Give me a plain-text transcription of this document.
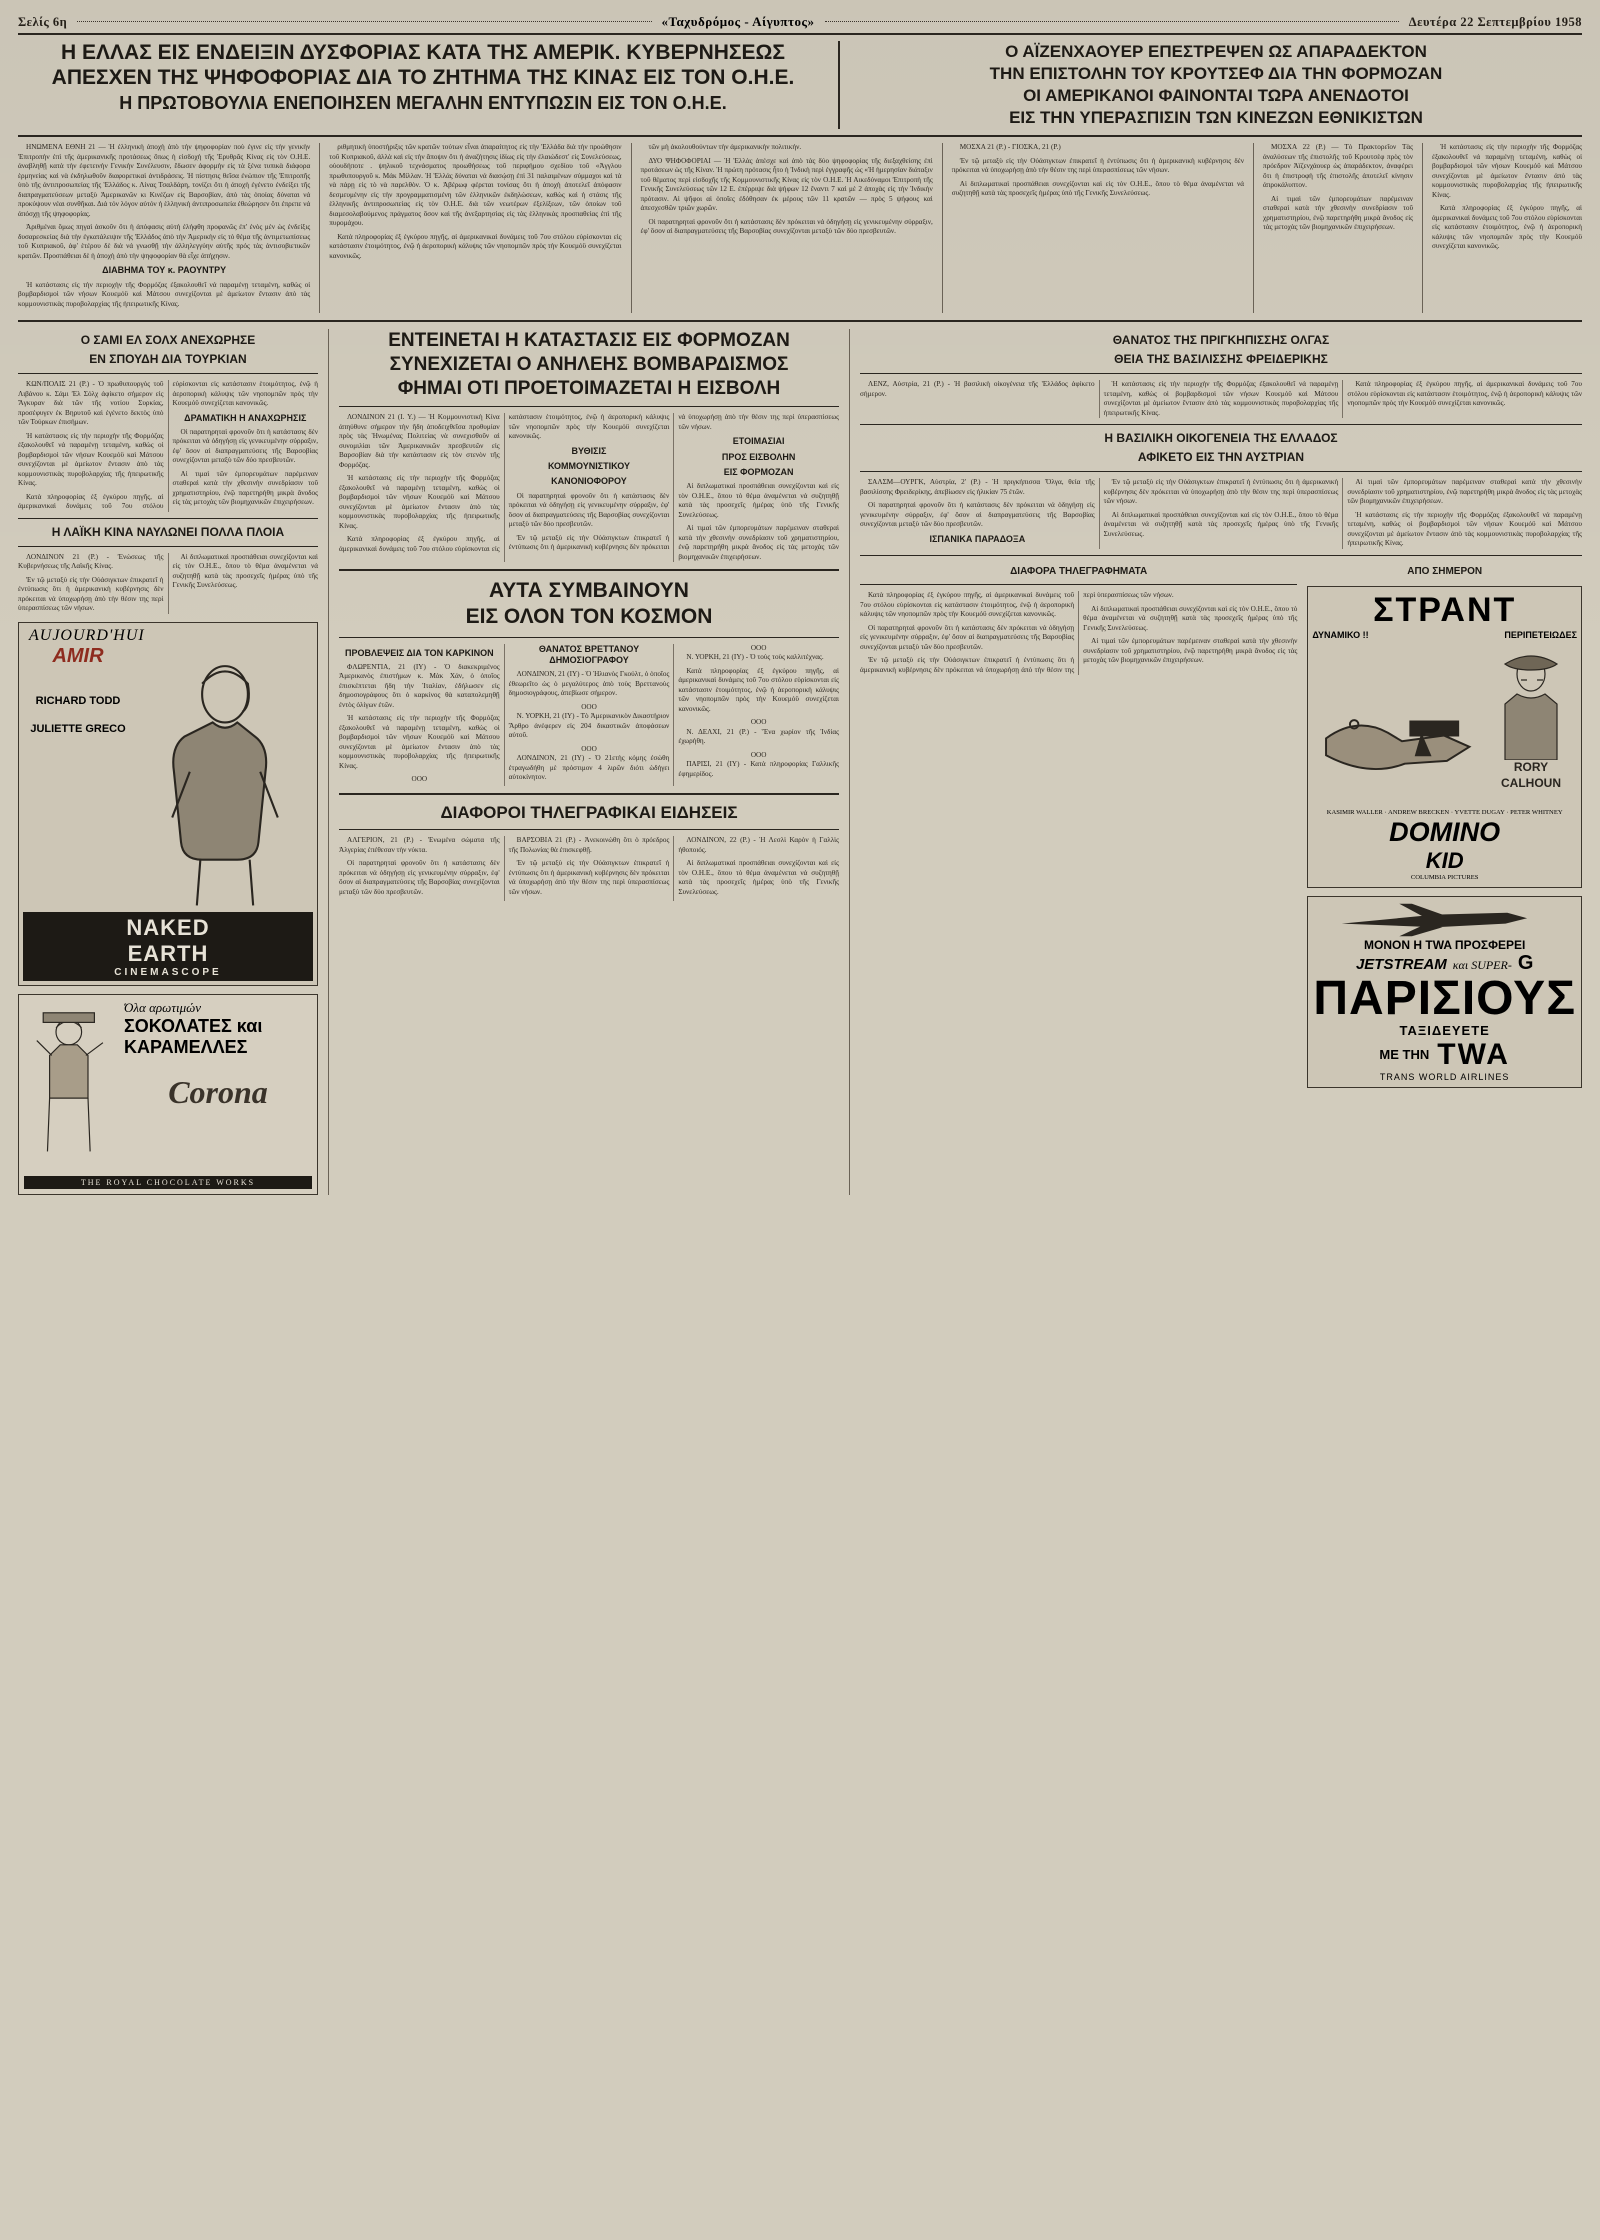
Σελίς 6η	«Ταχυδρόμος - Αίγυπτος»	Δευτέρα 22 Σεπτεμβρίου 1958
Η ΕΛΛΑΣ ΕΙΣ ΕΝΔΕΙΞΙΝ ΔΥΣΦΟΡΙΑΣ ΚΑΤΑ ΤΗΣ ΑΜΕΡΙΚ. ΚΥΒΕΡΝΗΣΕΩΣ
ΑΠΕΣΧΕΝ ΤΗΣ ΨΗΦΟΦΟΡΙΑΣ ΔΙΑ ΤΟ ΖΗΤΗΜΑ ΤΗΣ ΚΙΝΑΣ ΕΙΣ ΤΟΝ Ο.Η.Ε.
Η ΠΡΩΤΟΒΟΥΛΙΑ ΕΝΕΠΟΙΗΣΕΝ ΜΕΓΑΛΗΝ ΕΝΤΥΠΩΣΙΝ ΕΙΣ ΤΟΝ Ο.Η.Ε.
Ο ΑΪΖΕΝΧΑΟΥΕΡ ΕΠΕΣΤΡΕΨΕΝ ΩΣ ΑΠΑΡΑΔΕΚΤΟΝ
ΤΗΝ ΕΠΙΣΤΟΛΗΝ ΤΟΥ ΚΡΟΥΤΣΕΦ ΔΙΑ ΤΗΝ ΦΟΡΜΟΖΑΝ
ΟΙ ΑΜΕΡΙΚΑΝΟΙ ΦΑΙΝΟΝΤΑΙ ΤΩΡΑ ΑΝΕΝΔΟΤΟΙ
ΕΙΣ ΤΗΝ ΥΠΕΡΑΣΠΙΣΙΝ ΤΩΝ ΚΙΝΕΖΩΝ ΕΘΝΙΚΙΣΤΩΝ

ΗΝΩΜΕΝΑ ΕΘΝΗ 21 — Ἡ ἑλληνικὴ ἀποχὴ ἀπὸ τὴν ψηφοφορίαν ποὺ ἐγινε εἰς τὴν γενικὴν Ἐπιτροπὴν ἐπὶ τῆς ἀμερικανικῆς προτάσεως ὅπως ἡ εἰσδοχὴ τῆς Ἐρυθρᾶς Κίνας εἰς τὸν Ο.Η.Ε. ἀναβληθῇ κατὰ τὴν ἐφετεινὴν Γενικὴν Συνέλευσιν, ἔδωσεν ἀφορμὴν εἰς τὰ ξένα τυπικὰ διάφορα ἑρμηνείας καὶ νὰ ἐκδηλωθοῦν διαφορετικαὶ ἀντιδράσεις. Ἡ πίστησις θεῖσα ἐνώπιον τῆς Ἐπιτροπῆς ὑπὸ τῆς ἀντιπροσωπείας τῆς Ἑλλάδος κ. Λίνας Τσαλδάρη, τονίζει ὅτι ἡ ἀποχὴ ἐγένετο ἐνδείξει τῆς διαπραγματεύσεων μεταξὺ Ἀμερικανῶν κι Κινέζων εἰς Βαρσοβίαν, ἀπὸ τὰς ὁποίας δύναται νά προκύψουν νέαι συνθῆκαι. Διά τόν λόγον αὐτόν ἡ ἑλληνικὴ ἀντιπροσωπεία ἐθεώρησεν ὅτι ἐπρεπε νά ἀπόσχῃ τῆς ψηφοφορίας.

Ἀριθμέναι ὅμως πηγαὶ ἀσκοῦν ὅτι ἡ ἀπόφασις αὐτὴ ἐλήφθη προφανῶς ἐπ' ἐνὸς μὲν ὡς ἐνδείξις δυσαρεσκείας διὰ τὴν ἐγκατάλειψιν τῆς Ἑλλάδος ἀπὸ τὴν Ἀμερικὴν εἰς τὸ θέμα τῆς ἀντιμετωπίσεως τοῦ Κυπριακοῦ, ἀφ' ἑτέρου δὲ διὰ νά γνωσθῇ τὴν ἀλληλεγγύην αὐτῆς πρός τὰς ἀντισοβιετικῶν κρατῶν. Προσπάθειαι δὲ ἡ ἀποχὴ ἀπὸ τὴν ψηφοφορίαν θὰ εἶχε ἀπήχησιν.

ΔΙΑΒΗΜΑ ΤΟΥ κ. ΡΑΟΥΝΤΡΥ

Ἡ κατάστασις εἰς τὴν περιοχὴν τῆς Φορμόζας ἐξακολουθεῖ νά παραμένῃ τεταμένη, καθὼς οἱ βομβαρδισμοὶ τῶν νήσων Κουεμόϋ καὶ Μάτσου συνεχίζονται μὲ ἀμείωτον ἔντασιν ἀπὸ τὰς κομμουνιστικὰς πυροβολαρχίας τῆς ἠπειρωτικῆς Κίνας.

ριθμητικὴ ὑποστήριξις τῶν κρατῶν τούτων εἶναι ἀπαραίτητος εἰς τὴν Ἑλλάδα διὰ τὴν προώθησιν τοῦ Κυπριακοῦ, ἀλλὰ καὶ εἰς τὴν ἄποψιν ὅτι ἡ ἀναζήτησις ἰδίως εἰς τὴν ἐλαιώδεστ' εἰς Συνελεύσεως, οὐουδήποτε . ψηλικοῦ τεχνάσματος προωθήσεως τοῦ περιφήμου σχεδίου τοῦ «Ἀγγλου πρωθυπουργοῦ κ. Μάκ Μίλλαν. Ἡ Ἑλλάς δύναται νά διασῴσῃ ἐπὶ 31 παλαιμένων σύμμαχοι καὶ τὰ νὰ πάρῃ εἰς τὸ νὰ παρελθὸν. Ὁ κ. Ἀβέρωφ φέρεται τονίσας ὅτι ἡ ἀποχὴ ἀποτελεῖ ἀπόφασιν δεσμευμένην εἰς τὴν προγραμματισμένη τῶν ἑλληνικῶν ἐκδηλώσεων, καθὼς καὶ ἡ στάσις τῆς ἑλληνικῆς ἀντιπροσωπείας εἰς τὸν Ο.Η.Ε. διὰ τῶν νεωτέρων ἐξελίξεων, τῶν ὁποίων τοῦ διαμεσολαβούμενος πράγματος ὅσον καὶ τῆς ἀνεξαρτησίας εἰς τὰς ἑλληνικὰς προσπαθείας ἐπὶ τῆς πυρομάχου.

Κατὰ πληροφορίας ἐξ ἐγκύρου πηγῆς, αἱ ἀμερικανικαὶ δυνάμεις τοῦ 7ου στόλου εὑρίσκονται εἰς κατάστασιν ἑτοιμότητος, ἐνῷ ἡ ἀεροπορικὴ κάλυψις τῶν νηοπομπῶν πρὸς τὴν Κουεμόϋ συνεχίζεται κανονικῶς.

τῶν μὴ ἀκολουθούντων τὴν ἀμερικανικὴν πολιτικήν.

ΔΥΟ ΨΗΦΟΦΟΡΙΑΙ — Ἡ Ἑλλὰς ἀπέσχε καὶ ἀπὸ τὰς δύο ψηφοφορίας τῆς διεξαχθείσης ἐπὶ προτάσεων ὡς τῆς Κίναν. Ἡ πρώτη πρότασις ἦτο ἡ Ἰνδικὴ περὶ ἐγγραφῆς ὡς «Ἡ ἡμερησίαν διάταξιν τοῦ θέματος περὶ εἰσδοχῆς τῆς Κομμουνιστικῆς Κίνας εἰς τὸν Ο.Η.Ε. Ἡ Αικεδύναμοι Ἐπιτροπὴ τῆς Γενικῆς Συνελεύσεως τῶν 12 Ε. ἐπέρριψε διὰ ψήφων 12 ἔναντι 7 καὶ μὲ 2 ἀποχὰς εἰς τὴν Ἰνδικὴν πρότασιν. Αἱ ψῆφοι αἱ ὁποῖες ἐδόθησαν ἐκ μέρους τῶν 11 κρατῶν — πρὸς 5 ψήφους καὶ ἀπεσχεσθῶν τριῶν χωρῶν.

Οἱ παρατηρηταὶ φρονοῦν ὅτι ἡ κατάστασις δὲν πρόκειται νά ὁδηγήσῃ εἰς γενικευμένην σύρραξιν, ἐφ' ὅσον αἱ διαπραγματεύσεις τῆς Βαρσοβίας συνεχίζονται μεταξὺ τῶν δύο πρεσβευτῶν.

ΜΟΣΧΑ 21 (Ρ.) - ΓΙΟΣΚΑ, 21 (Ρ.)

Ἐν τῷ μεταξὺ εἰς τὴν Οὐάσιγκτων ἐπικρατεῖ ἡ ἐντύπωσις ὅτι ἡ ἀμερικανικὴ κυβέρνησις δὲν πρόκειται νά ὑποχωρήσῃ ἀπὸ τὴν θέσιν της περὶ ὑπερασπίσεως τῶν νήσων.

Αἱ διπλωματικαὶ προσπάθειαι συνεχίζονται καὶ εἰς τὸν Ο.Η.Ε., ὅπου τὸ θέμα ἀναμένεται νά συζητηθῇ κατὰ τὰς προσεχεῖς ἡμέρας ὑπὸ τῆς Γενικῆς Συνελεύσεως.

ΜΟΣΧΑ 22 (Ρ.) — Τὸ Πρακτορεῖον Τὰς ἀναλύσεων τῆς ἐπιστολῆς τοῦ Κρουτσὲφ πρὸς τὸν πρόεδρον Ἀϊζενχάουερ ὡς ἀπαράδεκτον, ἀναφέρει ὅτι ἡ ἐπιστροφὴ τῆς ἐπιστολῆς ἀποτελεῖ κίνησιν ἀπροκάλυπτον.

Αἱ τιμαὶ τῶν ἐμπορευμάτων παρέμειναν σταθεραὶ κατὰ τὴν χθεσινὴν συνεδρίασιν τοῦ χρηματιστηρίου, ἐνῷ παρετηρήθη μικρὰ ἄνοδος εἰς τὰς μετοχὰς τῶν βιομηχανικῶν ἐπιχειρήσεων.

Ἡ κατάστασις εἰς τὴν περιοχὴν τῆς Φορμόζας ἐξακολουθεῖ νά παραμένῃ τεταμένη, καθὼς οἱ βομβαρδισμοὶ τῶν νήσων Κουεμόϋ καὶ Μάτσου συνεχίζονται μὲ ἀμείωτον ἔντασιν ἀπὸ τὰς κομμουνιστικὰς πυροβολαρχίας τῆς ἠπειρωτικῆς Κίνας.

Κατὰ πληροφορίας ἐξ ἐγκύρου πηγῆς, αἱ ἀμερικανικαὶ δυνάμεις τοῦ 7ου στόλου εὑρίσκονται εἰς κατάστασιν ἑτοιμότητος, ἐνῷ ἡ ἀεροπορικὴ κάλυψις τῶν νηοπομπῶν πρὸς τὴν Κουεμόϋ συνεχίζεται κανονικῶς.

Ο ΣΑΜΙ ΕΛ ΣΟΛΧ ΑΝΕΧΩΡΗΣΕ
ΕΝ ΣΠΟΥΔΗ ΔΙΑ ΤΟΥΡΚΙΑΝ

ΚΩΝ/ΠΟΛΙΣ 21 (Ρ.) - Ὁ πρωθυπουργὸς τοῦ Λιβάνου κ. Σάμι Ἐλ Σόλχ ἀφίκετο σήμερον εἰς Ἄγκυραν διὰ τῶν τῆς νοτίου Συρκίας, προσέφυγεν ἐκ Βηρυτοῦ καὶ ἐγένετο δεκτὸς ὑπὸ τῶν Τούρκων ἐπισήμων.

Ἡ κατάστασις εἰς τὴν περιοχὴν τῆς Φορμόζας ἐξακολουθεῖ νά παραμένῃ τεταμένη, καθὼς οἱ βομβαρδισμοὶ τῶν νήσων Κουεμόϋ καὶ Μάτσου συνεχίζονται μὲ ἀμείωτον ἔντασιν ἀπὸ τὰς κομμουνιστικὰς πυροβολαρχίας τῆς ἠπειρωτικῆς Κίνας.

Κατὰ πληροφορίας ἐξ ἐγκύρου πηγῆς, αἱ ἀμερικανικαὶ δυνάμεις τοῦ 7ου στόλου εὑρίσκονται εἰς κατάστασιν ἑτοιμότητος, ἐνῷ ἡ ἀεροπορικὴ κάλυψις τῶν νηοπομπῶν πρὸς τὴν Κουεμόϋ συνεχίζεται κανονικῶς.

ΔΡΑΜΑΤΙΚΗ Η ΑΝΑΧΩΡΗΣΙΣ

Οἱ παρατηρηταὶ φρονοῦν ὅτι ἡ κατάστασις δὲν πρόκειται νά ὁδηγήσῃ εἰς γενικευμένην σύρραξιν, ἐφ' ὅσον αἱ διαπραγματεύσεις τῆς Βαρσοβίας συνεχίζονται μεταξὺ τῶν δύο πρεσβευτῶν.

Αἱ τιμαὶ τῶν ἐμπορευμάτων παρέμειναν σταθεραὶ κατὰ τὴν χθεσινὴν συνεδρίασιν τοῦ χρηματιστηρίου, ἐνῷ παρετηρήθη μικρὰ ἄνοδος εἰς τὰς μετοχὰς τῶν βιομηχανικῶν ἐπιχειρήσεων.

Η ΛΑΪΚΗ ΚΙΝΑ ΝΑΥΛΩΝΕΙ ΠΟΛΛΑ ΠΛΟΙΑ

ΛΟΝΔΙΝΟΝ 21 (Ρ.) - Ἐνώσεως τῆς Κυβερνήσεως τῆς Λαϊκῆς Κίνας.

Ἐν τῷ μεταξὺ εἰς τὴν Οὐάσιγκτων ἐπικρατεῖ ἡ ἐντύπωσις ὅτι ἡ ἀμερικανικὴ κυβέρνησις δὲν πρόκειται νά ὑποχωρήσῃ ἀπὸ τὴν θέσιν της περὶ ὑπερασπίσεως τῶν νήσων.

Αἱ διπλωματικαὶ προσπάθειαι συνεχίζονται καὶ εἰς τὸν Ο.Η.Ε., ὅπου τὸ θέμα ἀναμένεται νά συζητηθῇ κατὰ τὰς προσεχεῖς ἡμέρας ὑπὸ τῆς Γενικῆς Συνελεύσεως.

AUJOURD'HUI
AMIR
RICHARD TODD
JULIETTE GRECO
NAKED
EARTH
CINEMASCOPE
Όλα αρωτιμών
ΣΟΚΟΛΑΤΕΣ και
ΚΑΡΑΜΕΛΛΕΣ
Corona
THE ROYAL CHOCOLATE WORKS
ΕΝΤΕΙΝΕΤΑΙ Η ΚΑΤΑΣΤΑΣΙΣ ΕΙΣ ΦΟΡΜΟΖΑΝ
ΣΥΝΕΧΙΖΕΤΑΙ Ο ΑΝΗΛΕΗΣ ΒΟΜΒΑΡΔΙΣΜΟΣ
ΦΗΜΑΙ ΟΤΙ ΠΡΟΕΤΟΙΜΑΖΕΤΑΙ Η ΕΙΣΒΟΛΗ

ΛΟΝΔΙΝΟΝ 21 (Ι. Υ.) — Ἡ Κομμουνιστικὴ Κίνα ἀπηύθυνε σήμερον τὴν ἤδη ἀποδειχθεῖσα προθυμίαν πρὸς τὰς Ἡνωμένας Πολιτείας νὰ συνεχισθοῦν αἱ συνομιλίαι τῶν Ἀμερικανικῶν πρεσβευτῶν εἰς Βαρσοβίαν διὰ τὴν κατάστασιν εἰς τὸν στενὸν τῆς Φορμόζας.

Ἡ κατάστασις εἰς τὴν περιοχὴν τῆς Φορμόζας ἐξακολουθεῖ νά παραμένῃ τεταμένη, καθὼς οἱ βομβαρδισμοὶ τῶν νήσων Κουεμόϋ καὶ Μάτσου συνεχίζονται μὲ ἀμείωτον ἔντασιν ἀπὸ τὰς κομμουνιστικὰς πυροβολαρχίας τῆς ἠπειρωτικῆς Κίνας.

Κατὰ πληροφορίας ἐξ ἐγκύρου πηγῆς, αἱ ἀμερικανικαὶ δυνάμεις τοῦ 7ου στόλου εὑρίσκονται εἰς κατάστασιν ἑτοιμότητος, ἐνῷ ἡ ἀεροπορικὴ κάλυψις τῶν νηοπομπῶν πρὸς τὴν Κουεμόϋ συνεχίζεται κανονικῶς.

ΒΥΘΙΣΙΣ
ΚΟΜΜΟΥΝΙΣΤΙΚΟΥ
ΚΑΝΟΝΙΟΦΟΡΟΥ

Οἱ παρατηρηταὶ φρονοῦν ὅτι ἡ κατάστασις δὲν πρόκειται νά ὁδηγήσῃ εἰς γενικευμένην σύρραξιν, ἐφ' ὅσον αἱ διαπραγματεύσεις τῆς Βαρσοβίας συνεχίζονται μεταξὺ τῶν δύο πρεσβευτῶν.

Ἐν τῷ μεταξὺ εἰς τὴν Οὐάσιγκτων ἐπικρατεῖ ἡ ἐντύπωσις ὅτι ἡ ἀμερικανικὴ κυβέρνησις δὲν πρόκειται νά ὑποχωρήσῃ ἀπὸ τὴν θέσιν της περὶ ὑπερασπίσεως τῶν νήσων.

ΕΤΟΙΜΑΣΙΑΙ
ΠΡΟΣ ΕΙΣΒΟΛΗΝ
ΕΙΣ ΦΟΡΜΟΖΑΝ

Αἱ διπλωματικαὶ προσπάθειαι συνεχίζονται καὶ εἰς τὸν Ο.Η.Ε., ὅπου τὸ θέμα ἀναμένεται νά συζητηθῇ κατὰ τὰς προσεχεῖς ἡμέρας ὑπὸ τῆς Γενικῆς Συνελεύσεως.

Αἱ τιμαὶ τῶν ἐμπορευμάτων παρέμειναν σταθεραὶ κατὰ τὴν χθεσινὴν συνεδρίασιν τοῦ χρηματιστηρίου, ἐνῷ παρετηρήθη μικρὰ ἄνοδος εἰς τὰς μετοχὰς τῶν βιομηχανικῶν ἐπιχειρήσεων.

ΑΥΤΑ ΣΥΜΒΑΙΝΟΥΝ
ΕΙΣ ΟΛΟΝ ΤΟΝ ΚΟΣΜΟΝ
ΠΡΟΒΛΕΨΕΙΣ ΔΙΑ ΤΟΝ ΚΑΡΚΙΝΟΝ

ΦΛΩΡΕΝΤΙΑ, 21 (ΙΥ) - Ὁ διακεκριμένος Ἀμερικανὸς ἐπιστήμων κ. Μὰκ Χάν, ὁ ὁποῖος ἐπισκέπτεται ἤδη τὴν Ἰταλίαν, ἐδήλωσεν εἰς δημοσιογράφους ὅτι ὁ καρκίνος θὰ καταπολεμηθῇ ἐντὸς ὀλίγων ἐτῶν.

Ἡ κατάστασις εἰς τὴν περιοχὴν τῆς Φορμόζας ἐξακολουθεῖ νά παραμένῃ τεταμένη, καθὼς οἱ βομβαρδισμοὶ τῶν νήσων Κουεμόϋ καὶ Μάτσου συνεχίζονται μὲ ἀμείωτον ἔντασιν ἀπὸ τὰς κομμουνιστικὰς πυροβολαρχίας τῆς ἠπειρωτικῆς Κίνας.

ΟΟΟ
ΘΑΝΑΤΟΣ ΒΡΕΤΤΑΝΟΥ ΔΗΜΟΣΙΟΓΡΑΦΟΥ

ΛΟΝΔΙΝΟΝ, 21 (ΙΥ) - Ὁ Ἡλιανὸς Γκούλτ, ὁ ὁποῖος ἐθεωρεῖτο ὡς ὁ μεγαλύτερος ἀπὸ τοὺς Βρεττανοὺς δημοσιογράφους, ἀπεβίωσε σήμερον.

ΟΟΟ

Ν. ΥΟΡΚΗ, 21 (ΙΥ) - Τὸ Ἀμερικανικὸν Δικαστήριον Ἄρθρο ἀνέφερεν εἰς 204 δικαστικῶν ἀποφάσεων αὐτοῦ.

ΟΟΟ

ΛΟΝΔΙΝΟΝ, 21 (ΙΥ) - Ὁ 21ετὴς κόμης ἐσώθη ἐτραγωδήθη μὲ πρόστιμον 4 λιρῶν διότι ὡδήγει αὐτοκίνητον.

ΟΟΟ

Ν. ΥΟΡΚΗ, 21 (ΙΥ) - Ὁ τοὺς τοὺς καλλιτέχνας.

Κατὰ πληροφορίας ἐξ ἐγκύρου πηγῆς, αἱ ἀμερικανικαὶ δυνάμεις τοῦ 7ου στόλου εὑρίσκονται εἰς κατάστασιν ἑτοιμότητος, ἐνῷ ἡ ἀεροπορικὴ κάλυψις τῶν νηοπομπῶν πρὸς τὴν Κουεμόϋ συνεχίζεται κανονικῶς.

ΟΟΟ

Ν. ΔΕΛΧΙ, 21 (Ρ.) - Ἕνα χωρίον τῆς Ἰνδίας ἐχωρήθη.

ΟΟΟ

ΠΑΡΙΣΙ, 21 (ΙΥ) - Κατὰ πληροφορίας Γαλλικῆς ἐφημερίδος.

ΔΙΑΦΟΡΟΙ ΤΗΛΕΓΡΑΦΙΚΑΙ ΕΙΔΗΣΕΙΣ

ΑΛΓΕΡΙΟΝ, 21 (Ρ.) - Ἑνωμένα σώματα τῆς Ἀλγερίας ἐπέθεσαν τὴν νύκτα.

Οἱ παρατηρηταὶ φρονοῦν ὅτι ἡ κατάστασις δὲν πρόκειται νά ὁδηγήσῃ εἰς γενικευμένην σύρραξιν, ἐφ' ὅσον αἱ διαπραγματεύσεις τῆς Βαρσοβίας συνεχίζονται μεταξὺ τῶν δύο πρεσβευτῶν.

ΒΑΡΣΟΒΙΑ 21 (Ρ.) - Ἀνεκοινώθη ὅτι ὁ πρόεδρος τῆς Πολωνίας θὰ ἐπισκεφθῇ.

Ἐν τῷ μεταξὺ εἰς τὴν Οὐάσιγκτων ἐπικρατεῖ ἡ ἐντύπωσις ὅτι ἡ ἀμερικανικὴ κυβέρνησις δὲν πρόκειται νά ὑποχωρήσῃ ἀπὸ τὴν θέσιν της περὶ ὑπερασπίσεως τῶν νήσων.

ΛΟΝΔΙΝΟΝ, 22 (Ρ.) - Ἡ Λεσλὶ Καρὸν ἡ Γαλλὶς ἠθοποιός.

Αἱ διπλωματικαὶ προσπάθειαι συνεχίζονται καὶ εἰς τὸν Ο.Η.Ε., ὅπου τὸ θέμα ἀναμένεται νά συζητηθῇ κατὰ τὰς προσεχεῖς ἡμέρας ὑπὸ τῆς Γενικῆς Συνελεύσεως.

ΘΑΝΑΤΟΣ ΤΗΣ ΠΡΙΓΚΗΠΙΣΣΗΣ ΟΛΓΑΣ
ΘΕΙΑ ΤΗΣ ΒΑΣΙΛΙΣΣΗΣ ΦΡΕΙΔΕΡΙΚΗΣ

ΛΕΝΖ, Αὐστρία, 21 (Ρ.) - Ἡ βασιλικὴ οἰκογένεια τῆς Ἑλλάδος ἀφίκετο σήμερον.

Ἡ κατάστασις εἰς τὴν περιοχὴν τῆς Φορμόζας ἐξακολουθεῖ νά παραμένῃ τεταμένη, καθὼς οἱ βομβαρδισμοὶ τῶν νήσων Κουεμόϋ καὶ Μάτσου συνεχίζονται μὲ ἀμείωτον ἔντασιν ἀπὸ τὰς κομμουνιστικὰς πυροβολαρχίας τῆς ἠπειρωτικῆς Κίνας.

Κατὰ πληροφορίας ἐξ ἐγκύρου πηγῆς, αἱ ἀμερικανικαὶ δυνάμεις τοῦ 7ου στόλου εὑρίσκονται εἰς κατάστασιν ἑτοιμότητος, ἐνῷ ἡ ἀεροπορικὴ κάλυψις τῶν νηοπομπῶν πρὸς τὴν Κουεμόϋ συνεχίζεται κανονικῶς.

Η ΒΑΣΙΛΙΚΗ ΟΙΚΟΓΕΝΕΙΑ ΤΗΣ ΕΛΛΑΔΟΣ
ΑΦΙΚΕΤΟ ΕΙΣ ΤΗΝ ΑΥΣΤΡΙΑΝ

ΣΑΛΣΜ—ΟΥΡΓΚ, Αὐστρία, 2' (Ρ.) - Ἡ πριγκήπισσα Ὄλγα, θεία τῆς βασιλίσσης Φρειδερίκης, ἀπεβίωσεν εἰς ἡλικίαν 75 ἐτῶν.

Οἱ παρατηρηταὶ φρονοῦν ὅτι ἡ κατάστασις δὲν πρόκειται νά ὁδηγήσῃ εἰς γενικευμένην σύρραξιν, ἐφ' ὅσον αἱ διαπραγματεύσεις τῆς Βαρσοβίας συνεχίζονται μεταξὺ τῶν δύο πρεσβευτῶν.

ΙΣΠΑΝΙΚΑ ΠΑΡΑΔΟΞΑ

Ἐν τῷ μεταξὺ εἰς τὴν Οὐάσιγκτων ἐπικρατεῖ ἡ ἐντύπωσις ὅτι ἡ ἀμερικανικὴ κυβέρνησις δὲν πρόκειται νά ὑποχωρήσῃ ἀπὸ τὴν θέσιν της περὶ ὑπερασπίσεως τῶν νήσων.

Αἱ διπλωματικαὶ προσπάθειαι συνεχίζονται καὶ εἰς τὸν Ο.Η.Ε., ὅπου τὸ θέμα ἀναμένεται νά συζητηθῇ κατὰ τὰς προσεχεῖς ἡμέρας ὑπὸ τῆς Γενικῆς Συνελεύσεως.

Αἱ τιμαὶ τῶν ἐμπορευμάτων παρέμειναν σταθεραὶ κατὰ τὴν χθεσινὴν συνεδρίασιν τοῦ χρηματιστηρίου, ἐνῷ παρετηρήθη μικρὰ ἄνοδος εἰς τὰς μετοχὰς τῶν βιομηχανικῶν ἐπιχειρήσεων.

Ἡ κατάστασις εἰς τὴν περιοχὴν τῆς Φορμόζας ἐξακολουθεῖ νά παραμένῃ τεταμένη, καθὼς οἱ βομβαρδισμοὶ τῶν νήσων Κουεμόϋ καὶ Μάτσου συνεχίζονται μὲ ἀμείωτον ἔντασιν ἀπὸ τὰς κομμουνιστικὰς πυροβολαρχίας τῆς ἠπειρωτικῆς Κίνας.

ΔΙΑΦΟΡΑ ΤΗΛΕΓΡΑΦΗΜΑΤΑ

Κατὰ πληροφορίας ἐξ ἐγκύρου πηγῆς, αἱ ἀμερικανικαὶ δυνάμεις τοῦ 7ου στόλου εὑρίσκονται εἰς κατάστασιν ἑτοιμότητος, ἐνῷ ἡ ἀεροπορικὴ κάλυψις τῶν νηοπομπῶν πρὸς τὴν Κουεμόϋ συνεχίζεται κανονικῶς.

Οἱ παρατηρηταὶ φρονοῦν ὅτι ἡ κατάστασις δὲν πρόκειται νά ὁδηγήσῃ εἰς γενικευμένην σύρραξιν, ἐφ' ὅσον αἱ διαπραγματεύσεις τῆς Βαρσοβίας συνεχίζονται μεταξὺ τῶν δύο πρεσβευτῶν.

Ἐν τῷ μεταξὺ εἰς τὴν Οὐάσιγκτων ἐπικρατεῖ ἡ ἐντύπωσις ὅτι ἡ ἀμερικανικὴ κυβέρνησις δὲν πρόκειται νά ὑποχωρήσῃ ἀπὸ τὴν θέσιν της περὶ ὑπερασπίσεως τῶν νήσων.

Αἱ διπλωματικαὶ προσπάθειαι συνεχίζονται καὶ εἰς τὸν Ο.Η.Ε., ὅπου τὸ θέμα ἀναμένεται νά συζητηθῇ κατὰ τὰς προσεχεῖς ἡμέρας ὑπὸ τῆς Γενικῆς Συνελεύσεως.

Αἱ τιμαὶ τῶν ἐμπορευμάτων παρέμειναν σταθεραὶ κατὰ τὴν χθεσινὴν συνεδρίασιν τοῦ χρηματιστηρίου, ἐνῷ παρετηρήθη μικρὰ ἄνοδος εἰς τὰς μετοχὰς τῶν βιομηχανικῶν ἐπιχειρήσεων.

ΑΠΟ ΣΗΜΕΡΟΝ
ΣΤΡΑΝΤ
ΔΥΝΑΜΙΚΟ !!	ΠΕΡΙΠΕΤΕΙΩΔΕΣ
RORY CALHOUN
KASIMIR WALLER · ANDREW BRECKEN · YVETTE DUGAY · PETER WHITNEY
DOMINO
KID
COLUMBIA PICTURES
ΜΟΝΟΝ Η TWA ΠΡΟΣΦΕΡΕΙ
JETSTREAM και SUPER- G
ΠΑΡΙΣΙΟΥΣ
ΤΑΞΙΔΕΥΕΤΕ
ΜΕ ΤΗΝ TWA
TRANS WORLD AIRLINES
